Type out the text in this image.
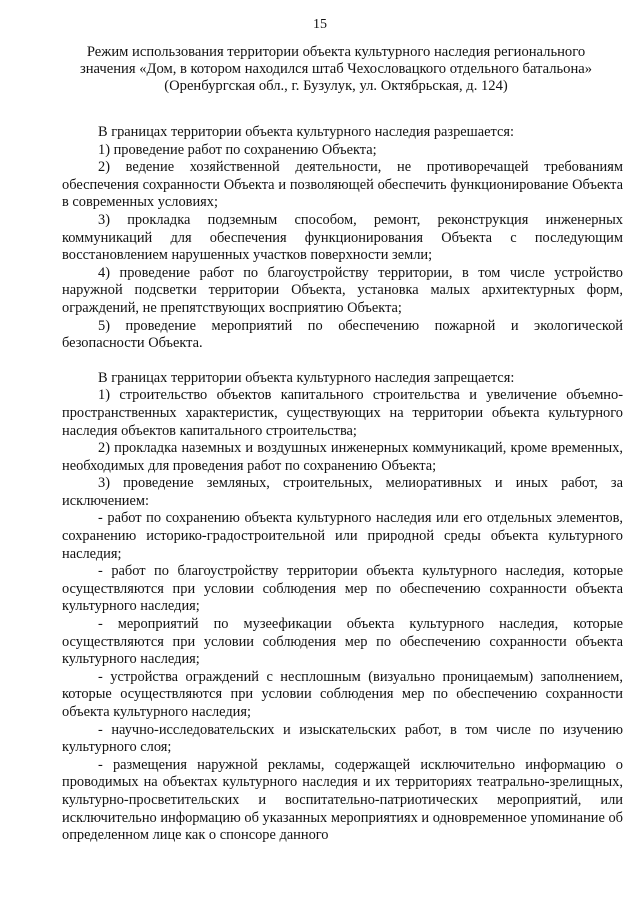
15
Режим использования территории объекта культурного наследия регионального
значения «Дом, в котором находился штаб Чехословацкого отдельного батальона»
(Оренбургская обл., г. Бузулук, ул. Октябрьская, д. 124)

В границах территории объекта культурного наследия разрешается:

1) проведение работ по сохранению Объекта;

2) ведение хозяйственной деятельности, не противоречащей требованиям обеспечения сохранности Объекта и позволяющей обеспечить функционирование Объекта в современных условиях;

3) прокладка подземным способом, ремонт, реконструкция инженерных коммуникаций для обеспечения функционирования Объекта с последующим восстановлением нарушенных участков поверхности земли;

4) проведение работ по благоустройству территории, в том числе устройство наружной подсветки территории Объекта, установка малых архитектурных форм, ограждений, не препятствующих восприятию Объекта;

5) проведение мероприятий по обеспечению пожарной и экологической безопасности Объекта.

В границах территории объекта культурного наследия запрещается:

1) строительство объектов капитального строительства и увеличение объемно-пространственных характеристик, существующих на территории объекта культурного наследия объектов капитального строительства;

2) прокладка наземных и воздушных инженерных коммуникаций, кроме временных, необходимых для проведения работ по сохранению Объекта;

3) проведение земляных, строительных, мелиоративных и иных работ, за исключением:

- работ по сохранению объекта культурного наследия или его отдельных элементов, сохранению историко-градостроительной или природной среды объекта культурного наследия;

- работ по благоустройству территории объекта культурного наследия, которые осуществляются при условии соблюдения мер по обеспечению сохранности объекта культурного наследия;

- мероприятий по музеефикации объекта культурного наследия, которые осуществляются при условии соблюдения мер по обеспечению сохранности объекта культурного наследия;

- устройства ограждений с несплошным (визуально проницаемым) заполнением, которые осуществляются при условии соблюдения мер по обеспечению сохранности объекта культурного наследия;

- научно-исследовательских и изыскательских работ, в том числе по изучению культурного слоя;

- размещения наружной рекламы, содержащей исключительно информацию о проводимых на объектах культурного наследия и их территориях театрально-зрелищных, культурно-просветительских и воспитательно-патриотических мероприятий, или исключительно информацию об указанных мероприятиях и одновременное упоминание об определенном лице как о спонсоре данного
